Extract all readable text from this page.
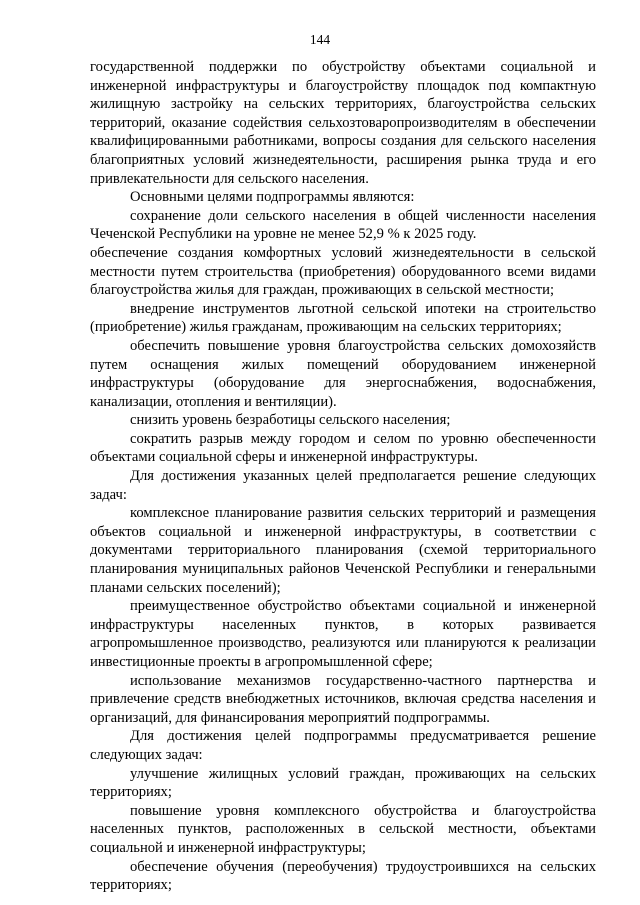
144

государственной поддержки по обустройству объектами социальной и инженерной инфраструктуры и благоустройству площадок под компактную жилищную застройку на сельских территориях, благоустройства сельских территорий, оказание содействия сельхозтоваропроизводителям в обеспечении квалифицированными работниками, вопросы создания для сельского населения благоприятных условий жизнедеятельности, расширения рынка труда и его привлекательности для сельского населения.

Основными целями подпрограммы являются:

сохранение доли сельского населения в общей численности населения Чеченской Республики на уровне не менее 52,9 % к 2025 году.

обеспечение создания комфортных условий жизнедеятельности в сельской местности путем строительства (приобретения) оборудованного всеми видами благоустройства жилья для граждан, проживающих в сельской местности;

внедрение инструментов льготной сельской ипотеки на строительство (приобретение) жилья гражданам, проживающим на сельских территориях;

обеспечить повышение уровня благоустройства сельских домохозяйств путем оснащения жилых помещений оборудованием инженерной инфраструктуры (оборудование для энергоснабжения, водоснабжения, канализации, отопления и вентиляции).

снизить уровень безработицы сельского населения;

сократить разрыв между городом и селом по уровню обеспеченности объектами социальной сферы и инженерной инфраструктуры.

Для достижения указанных целей предполагается решение следующих задач:

комплексное планирование развития сельских территорий и размещения объектов социальной и инженерной инфраструктуры, в соответствии с документами территориального планирования (схемой территориального планирования муниципальных районов Чеченской Республики и генеральными планами сельских поселений);

преимущественное обустройство объектами социальной и инженерной инфраструктуры населенных пунктов, в которых развивается агропромышленное производство, реализуются или планируются к реализации инвестиционные проекты в агропромышленной сфере;

использование механизмов государственно-частного партнерства и привлечение средств внебюджетных источников, включая средства населения и организаций, для финансирования мероприятий подпрограммы.

Для достижения целей подпрограммы предусматривается решение следующих задач:

улучшение жилищных условий граждан, проживающих на сельских территориях;

повышение уровня комплексного обустройства и благоустройства населенных пунктов, расположенных в сельской местности, объектами социальной и инженерной инфраструктуры;

обеспечение обучения (переобучения) трудоустроившихся на сельских территориях;
